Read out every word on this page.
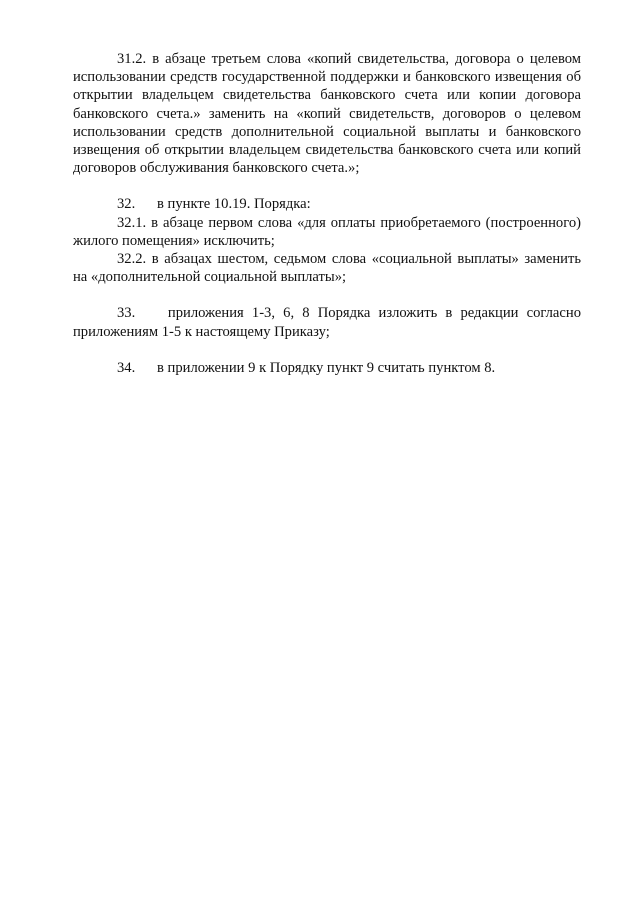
31.2. в абзаце третьем слова «копий свидетельства, договора о целевом использовании средств государственной поддержки и банковского извещения об открытии владельцем свидетельства банковского счета или копии договора банковского счета.» заменить на «копий свидетельств, договоров о целевом использовании средств дополнительной социальной выплаты и банковского извещения об открытии владельцем свидетельства банковского счета или копий договоров обслуживания банковского счета.»;

32. в пункте 10.19. Порядка:

32.1. в абзаце первом слова «для оплаты приобретаемого (построенного) жилого помещения» исключить;

32.2. в абзацах шестом, седьмом слова «социальной выплаты» заменить на «дополнительной социальной выплаты»;

33. приложения 1-3, 6, 8 Порядка изложить в редакции согласно приложениям 1-5 к настоящему Приказу;

34. в приложении 9 к Порядку пункт 9 считать пунктом 8.
